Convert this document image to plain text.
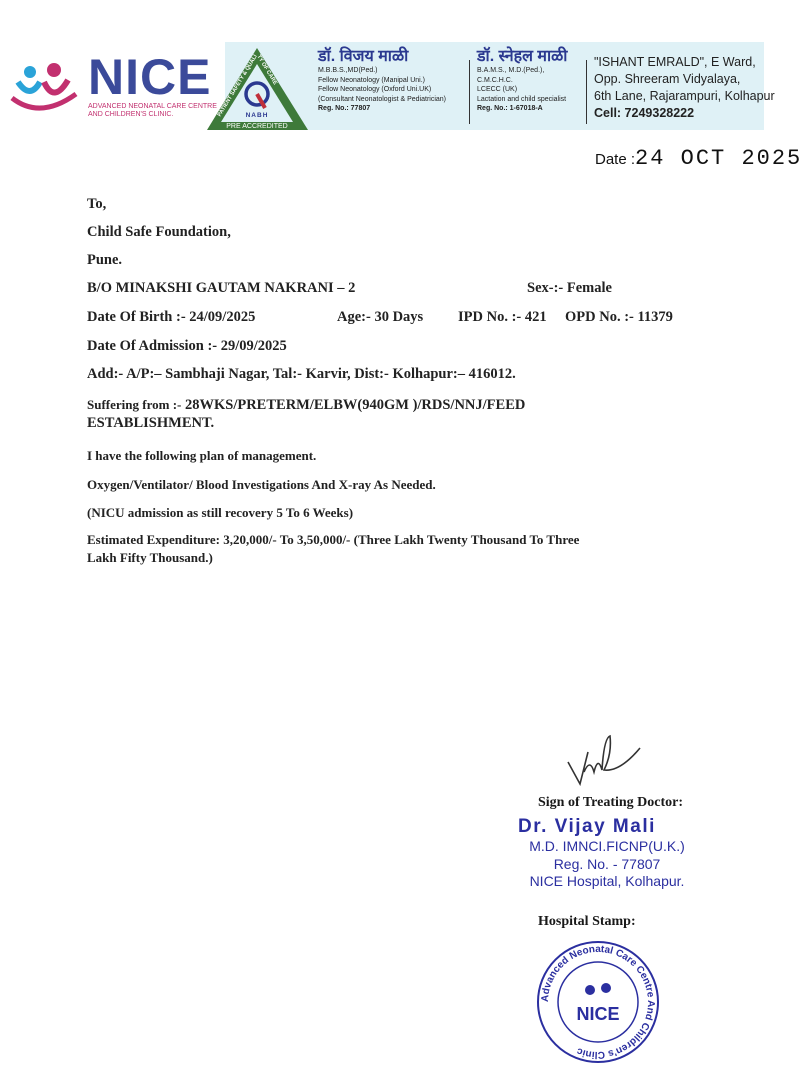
NICE
ADVANCED NEONATAL CARE CENTRE
AND CHILDREN'S CLINIC.	PATIENT SAFETY & QUALITY OF CARE
NABH
PRE ACCREDITED
डॉ. विजय माळी
M.B.B.S.,MD(Ped.)
Fellow Neonatology (Manipal Uni.)
Fellow Neonatology (Oxford Uni.UK)
(Consultant Neonatologist & Pediatrician)
Reg. No.: 77807
डॉ. स्नेहल माळी
B.A.M.S., M.D.(Ped.),
C.M.C.H.C.
LCECC (UK)
Lactation and child specialist
Reg. No.: 1-67018-A
"ISHANT EMRALD", E Ward,
Opp. Shreeram Vidyalaya,
6th Lane, Rajarampuri, Kolhapur
Cell: 7249328222
Date :24 OCT 2025
To,
Child Safe Foundation,
Pune.
B/O MINAKSHI GAUTAM NAKRANI – 2	Sex-:- Female
Date Of Birth :- 24/09/2025	Age:- 30 Days IPD No. :- 421 OPD No. :- 11379
Date Of Admission :- 29/09/2025
Add:- A/P:– Sambhaji Nagar, Tal:- Karvir, Dist:- Kolhapur:– 416012.
Suffering from :- 28WKS/PRETERM/ELBW(940GM )/RDS/NNJ/FEED
ESTABLISHMENT.
I have the following plan of management.
Oxygen/Ventilator/ Blood Investigations And X-ray As Needed.
(NICU admission as still recovery 5 To 6 Weeks)
Estimated Expenditure: 3,20,000/- To 3,50,000/- (Three Lakh Twenty Thousand To Three
Lakh Fifty Thousand.)
Sign of Treating Doctor:
Dr. Vijay Mali
M.D. IMNCI.FICNP(U.K.)
Reg. No. - 77807
NICE Hospital, Kolhapur.
Hospital Stamp:
Advanced Neonatal Care Centre And Children's Clinic
NICE
